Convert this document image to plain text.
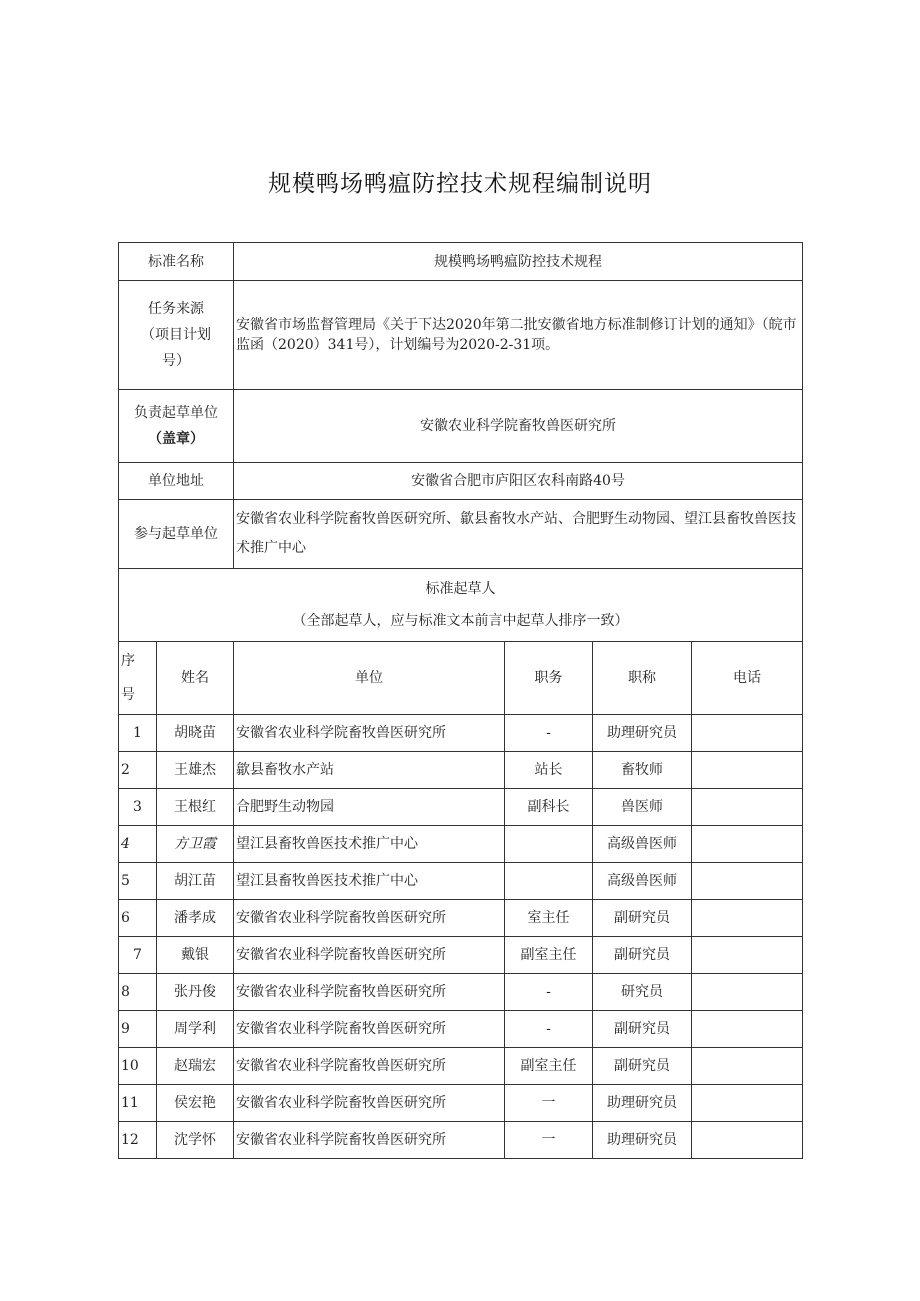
规模鸭场鸭瘟防控技术规程编制说明
标准名称		规模鸭场鸭瘟防控技术规程			

任务来源
（项目计划
号）		安徽省市场监督管理局《关于下达2020年第二批安徽省地方标准制修订计划的通知》（皖市监函（2020）341号），计划编号为2020-2-31项。			

负责起草单位
（盖章）		安徽农业科学院畜牧兽医研究所			
单位地址		安徽省合肥市庐阳区农科南路40号			
参与起草单位		安徽省农业科学院畜牧兽医研究所、歙县畜牧水产站、合肥野生动物园、望江县畜牧兽医技术推广中心			

标准起草人
（全部起草人，应与标准文本前言中起草人排序一致）					

序
号	姓名	单位	职务	职称	电话
1	胡晓苗	安徽省农业科学院畜牧兽医研究所	-	助理研究员	
2	王雄杰	歙县畜牧水产站	站长	畜牧师	
3	王根红	合肥野生动物园	副科长	兽医师	
4	方卫霞	望江县畜牧兽医技术推广中心		高级兽医师	
5	胡江苗	望江县畜牧兽医技术推广中心		高级兽医师	
6	潘孝成	安徽省农业科学院畜牧兽医研究所	室主任	副研究员	
7	戴银	安徽省农业科学院畜牧兽医研究所	副室主任	副研究员	
8	张丹俊	安徽省农业科学院畜牧兽医研究所	-	研究员	
9	周学利	安徽省农业科学院畜牧兽医研究所	-	副研究员	
10	赵瑞宏	安徽省农业科学院畜牧兽医研究所	副室主任	副研究员	
11	侯宏艳	安徽省农业科学院畜牧兽医研究所	一	助理研究员	
12	沈学怀	安徽省农业科学院畜牧兽医研究所	一	助理研究员	
